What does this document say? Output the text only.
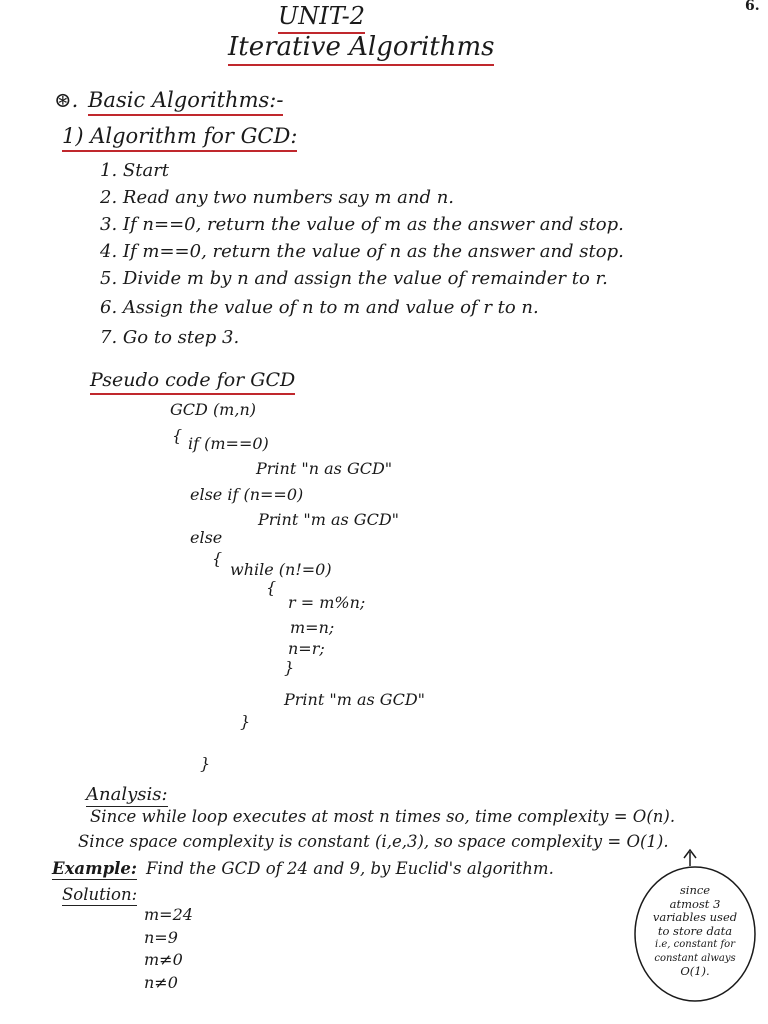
6.
UNIT-2
Iterative Algorithms
⊛. Basic Algorithms:-
1) Algorithm for GCD:
1. Start
2. Read any two numbers say m and n.
3. If n==0, return the value of m as the answer and stop.
4. If m==0, return the value of n as the answer and stop.
5. Divide m by n and assign the value of remainder to r.
6. Assign the value of n to m and value of r to n.
7. Go to step 3.
Pseudo code for GCD
GCD (m,n)
{ if (m==0)
Print "n as GCD"
else if (n==0)
Print "m as GCD"
else
{
while (n!=0)
{
r = m%n;
m=n;
n=r;
}
Print "m as GCD"
}
}
Analysis:
Since while loop executes at most n times so, time complexity = O(n).
Since space complexity is constant (i,e,3), so space complexity = O(1).
Example: Find the GCD of 24 and 9, by Euclid's algorithm.
Solution:
m=24
n=9
m≠0
n≠0
since
atmost 3
variables used
to store data
i.e, constant for
constant always
O(1).
